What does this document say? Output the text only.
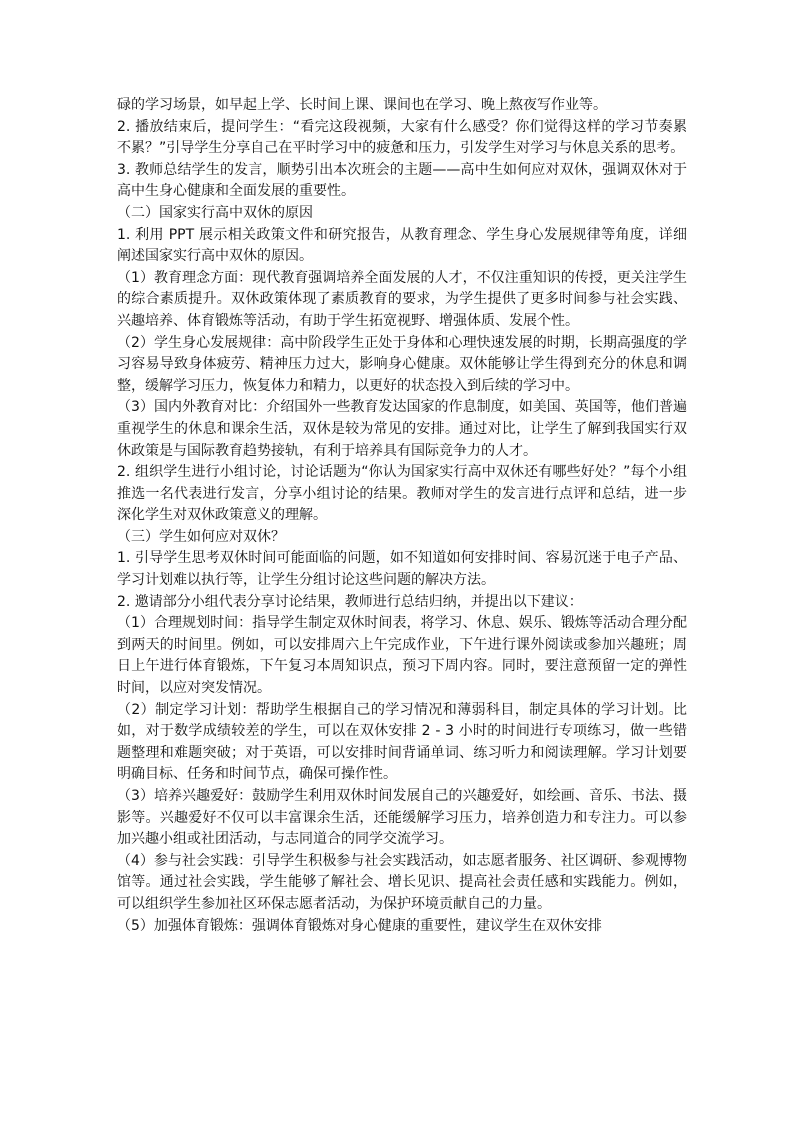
碌的学习场景，如早起上学、长时间上课、课间也在学习、晚上熬夜写作业等。

2. 播放结束后，提问学生：“看完这段视频，大家有什么感受？你们觉得这样的学习节奏累不累？”引导学生分享自己在平时学习中的疲惫和压力，引发学生对学习与休息关系的思考。

3. 教师总结学生的发言，顺势引出本次班会的主题——高中生如何应对双休，强调双休对于高中生身心健康和全面发展的重要性。

（二）国家实行高中双休的原因

1. 利用 PPT 展示相关政策文件和研究报告，从教育理念、学生身心发展规律等角度，详细阐述国家实行高中双休的原因。

（1）教育理念方面：现代教育强调培养全面发展的人才，不仅注重知识的传授，更关注学生的综合素质提升。双休政策体现了素质教育的要求，为学生提供了更多时间参与社会实践、兴趣培养、体育锻炼等活动，有助于学生拓宽视野、增强体质、发展个性。

（2）学生身心发展规律：高中阶段学生正处于身体和心理快速发展的时期，长期高强度的学习容易导致身体疲劳、精神压力过大，影响身心健康。双休能够让学生得到充分的休息和调整，缓解学习压力，恢复体力和精力，以更好的状态投入到后续的学习中。

（3）国内外教育对比：介绍国外一些教育发达国家的作息制度，如美国、英国等，他们普遍重视学生的休息和课余生活，双休是较为常见的安排。通过对比，让学生了解到我国实行双休政策是与国际教育趋势接轨，有利于培养具有国际竞争力的人才。

2. 组织学生进行小组讨论，讨论话题为“你认为国家实行高中双休还有哪些好处？”每个小组推选一名代表进行发言，分享小组讨论的结果。教师对学生的发言进行点评和总结，进一步深化学生对双休政策意义的理解。

（三）学生如何应对双休？

1. 引导学生思考双休时间可能面临的问题，如不知道如何安排时间、容易沉迷于电子产品、学习计划难以执行等，让学生分组讨论这些问题的解决方法。

2. 邀请部分小组代表分享讨论结果，教师进行总结归纳，并提出以下建议：

（1）合理规划时间：指导学生制定双休时间表，将学习、休息、娱乐、锻炼等活动合理分配到两天的时间里。例如，可以安排周六上午完成作业，下午进行课外阅读或参加兴趣班；周日上午进行体育锻炼，下午复习本周知识点，预习下周内容。同时，要注意预留一定的弹性时间，以应对突发情况。

（2）制定学习计划：帮助学生根据自己的学习情况和薄弱科目，制定具体的学习计划。比如，对于数学成绩较差的学生，可以在双休安排 2 - 3 小时的时间进行专项练习，做一些错题整理和难题突破；对于英语，可以安排时间背诵单词、练习听力和阅读理解。学习计划要明确目标、任务和时间节点，确保可操作性。

（3）培养兴趣爱好：鼓励学生利用双休时间发展自己的兴趣爱好，如绘画、音乐、书法、摄影等。兴趣爱好不仅可以丰富课余生活，还能缓解学习压力，培养创造力和专注力。可以参加兴趣小组或社团活动，与志同道合的同学交流学习。

（4）参与社会实践：引导学生积极参与社会实践活动，如志愿者服务、社区调研、参观博物馆等。通过社会实践，学生能够了解社会、增长见识、提高社会责任感和实践能力。例如，可以组织学生参加社区环保志愿者活动，为保护环境贡献自己的力量。

（5）加强体育锻炼：强调体育锻炼对身心健康的重要性，建议学生在双休安排
